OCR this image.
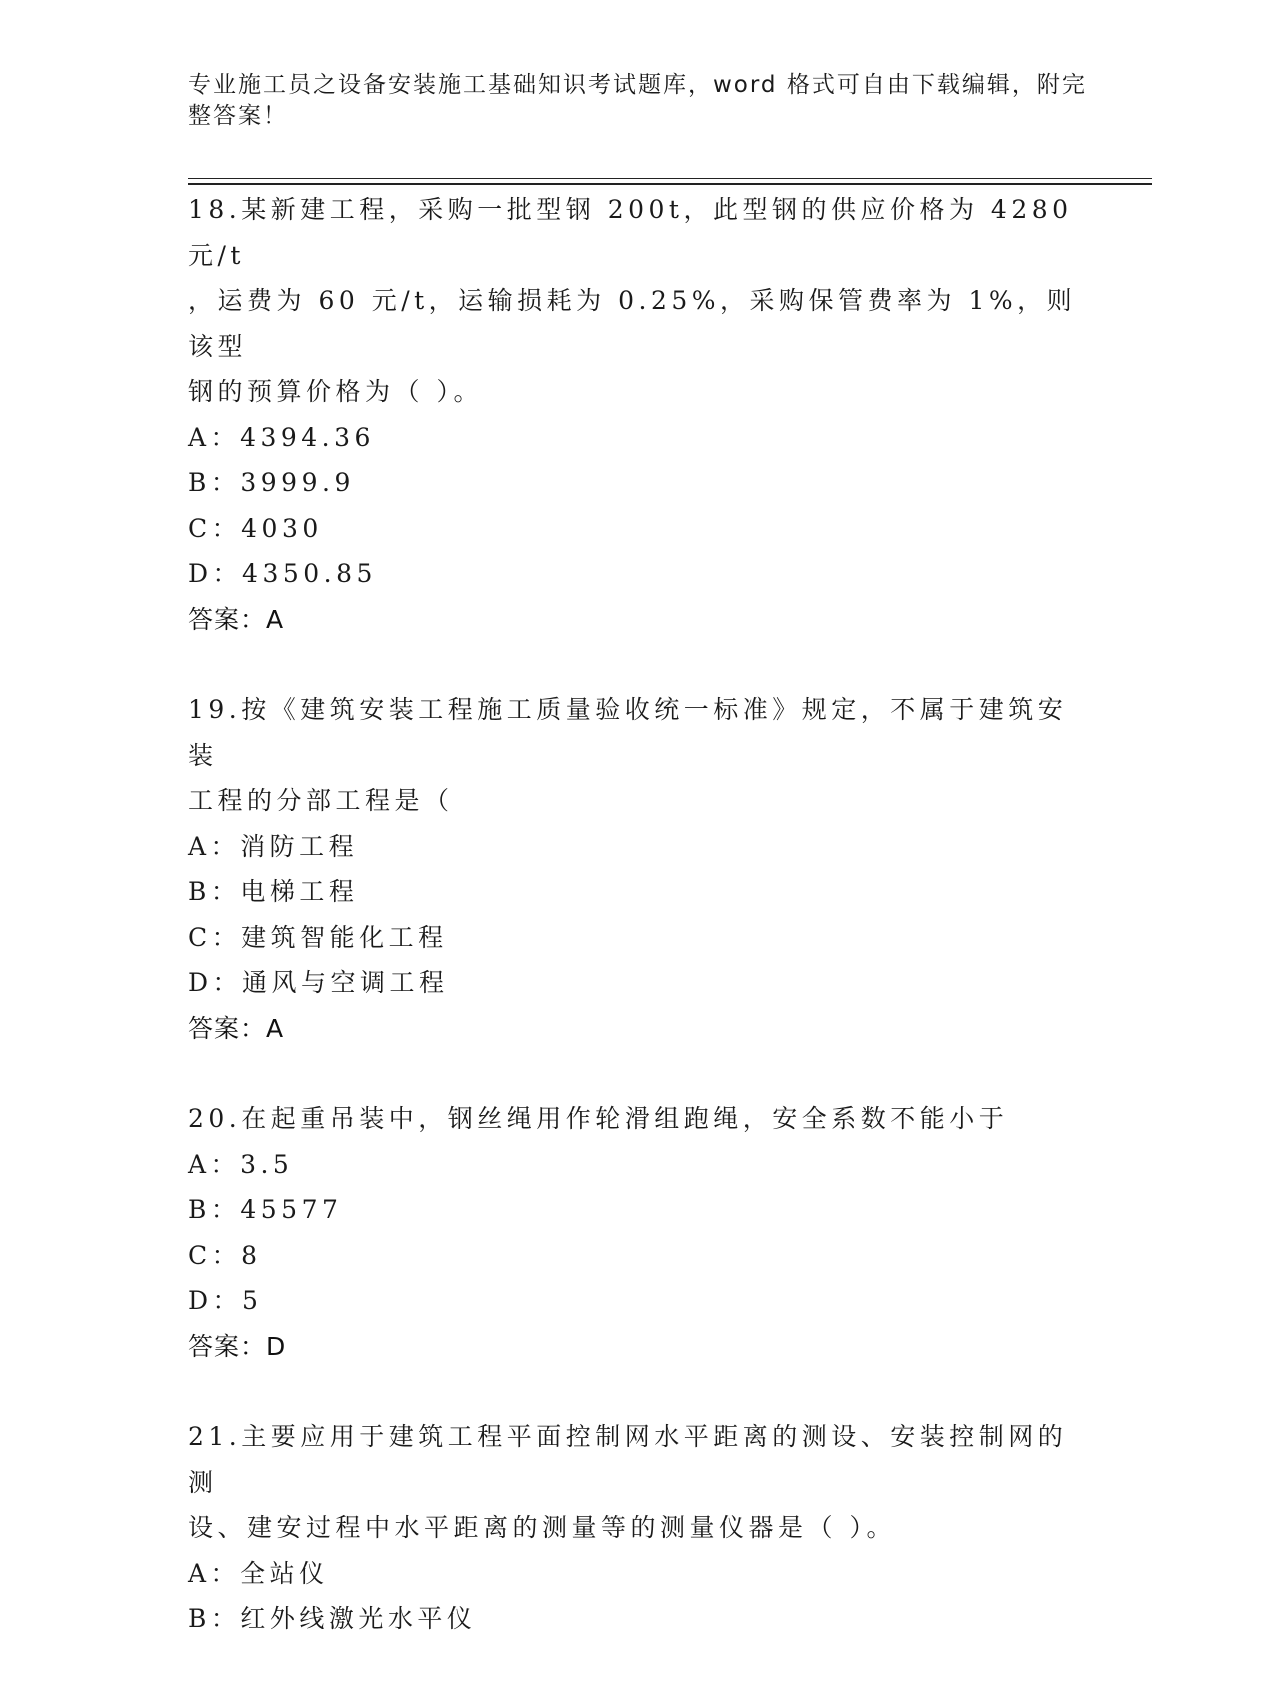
专业施工员之设备安装施工基础知识考试题库，word 格式可自由下载编辑，附完
整答案！
18.某新建工程，采购一批型钢 200t，此型钢的供应价格为 4280 元/t
，运费为 60 元/t，运输损耗为 0.25%，采购保管费率为 1%，则该型
钢的预算价格为（ ）。
A：4394.36
B：3999.9
C：4030
D：4350.85
答案：A
19.按《建筑安装工程施工质量验收统一标准》规定，不属于建筑安装
工程的分部工程是（
A：消防工程
B：电梯工程
C：建筑智能化工程
D：通风与空调工程
答案：A
20.在起重吊装中，钢丝绳用作轮滑组跑绳，安全系数不能小于
A：3.5
B：45577
C：8
D：5
答案：D
21.主要应用于建筑工程平面控制网水平距离的测设、安装控制网的测
设、建安过程中水平距离的测量等的测量仪器是（ ）。
A：全站仪
B：红外线激光水平仪
